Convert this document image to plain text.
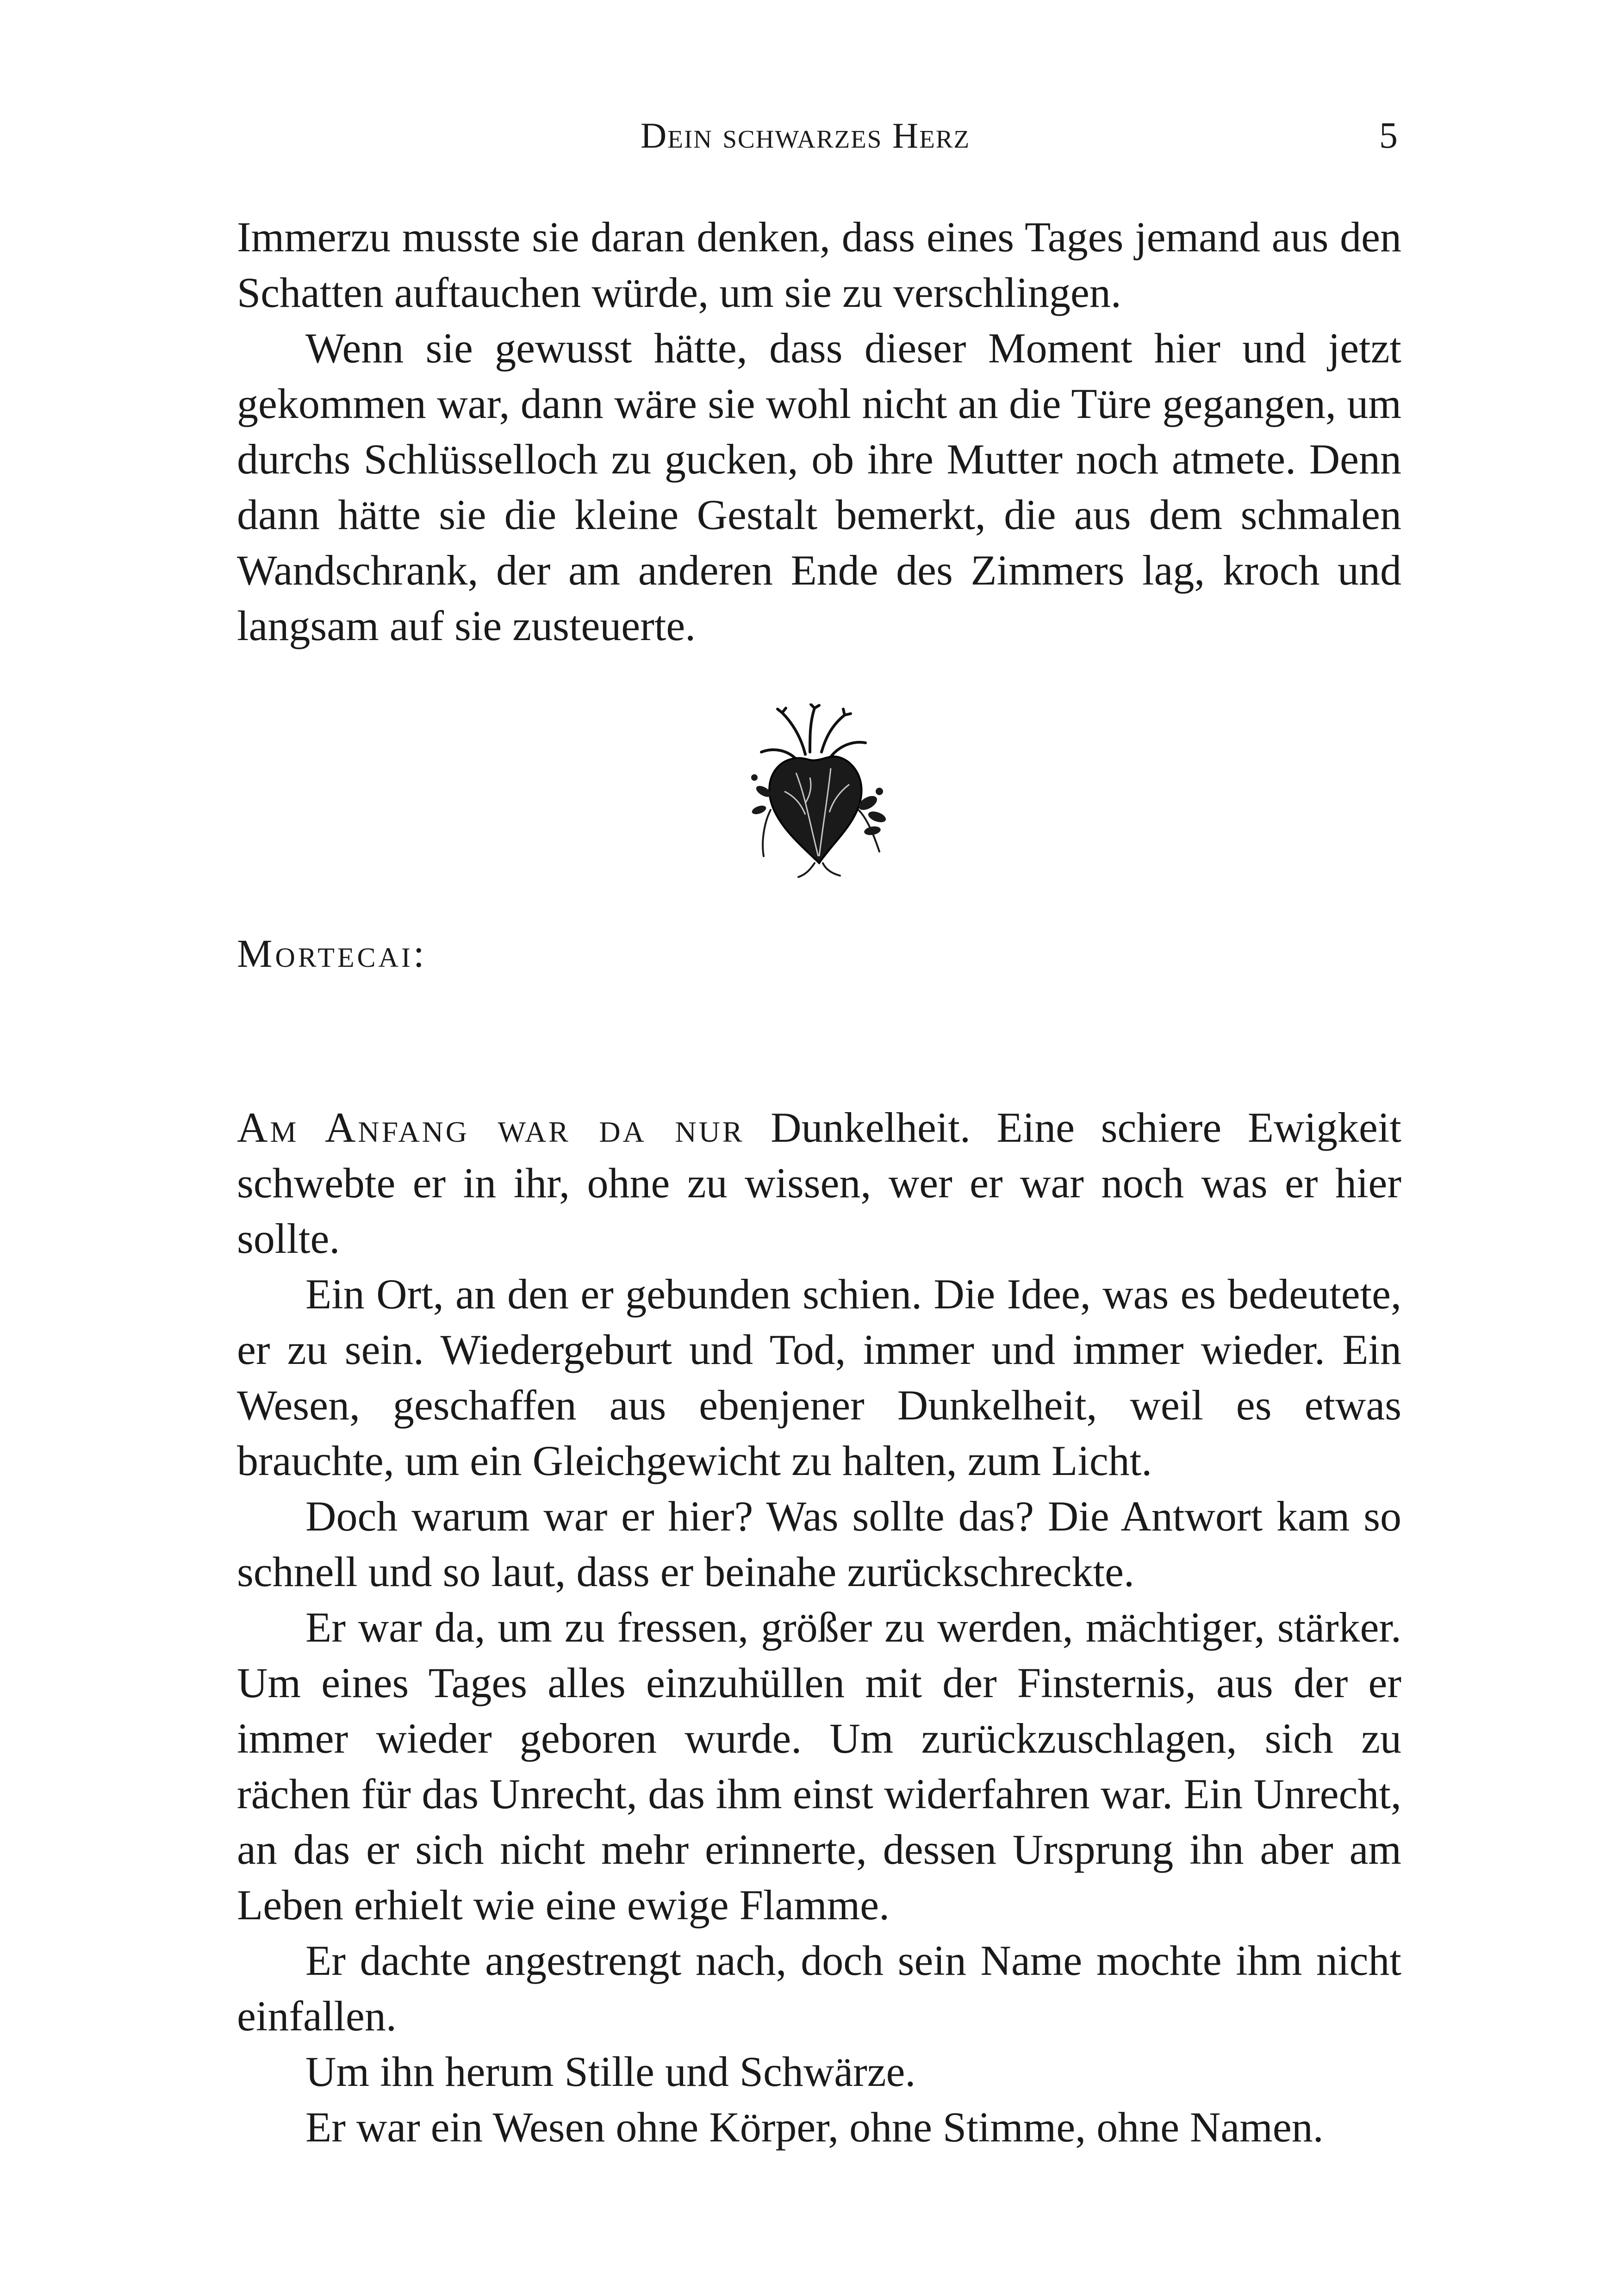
Dein schwarzes Herz	5

Immerzu musste sie daran denken, dass eines Tages jemand aus den Schatten auftauchen würde, um sie zu verschlingen.

Wenn sie gewusst hätte, dass dieser Moment hier und jetzt gekommen war, dann wäre sie wohl nicht an die Türe gegangen, um durchs Schlüsselloch zu gucken, ob ihre Mutter noch atmete. Denn dann hätte sie die kleine Gestalt bemerkt, die aus dem schmalen Wandschrank, der am anderen Ende des Zimmers lag, kroch und langsam auf sie zusteuerte.

Mortecai:

Am Anfang war da nur Dunkelheit. Eine schiere Ewigkeit schwebte er in ihr, ohne zu wissen, wer er war noch was er hier sollte.

Ein Ort, an den er gebunden schien. Die Idee, was es bedeutete, er zu sein. Wiedergeburt und Tod, immer und immer wieder. Ein Wesen, geschaffen aus ebenjener Dunkelheit, weil es etwas brauchte, um ein Gleichgewicht zu halten, zum Licht.

Doch warum war er hier? Was sollte das? Die Antwort kam so schnell und so laut, dass er beinahe zurückschreckte.

Er war da, um zu fressen, größer zu werden, mächtiger, stärker. Um eines Tages alles einzuhüllen mit der Finsternis, aus der er immer wieder geboren wurde. Um zurückzuschlagen, sich zu rächen für das Unrecht, das ihm einst widerfahren war. Ein Unrecht, an das er sich nicht mehr erinnerte, dessen Ursprung ihn aber am Leben erhielt wie eine ewige Flamme.

Er dachte angestrengt nach, doch sein Name mochte ihm nicht einfallen.

Um ihn herum Stille und Schwärze.

Er war ein Wesen ohne Körper, ohne Stimme, ohne Namen.
